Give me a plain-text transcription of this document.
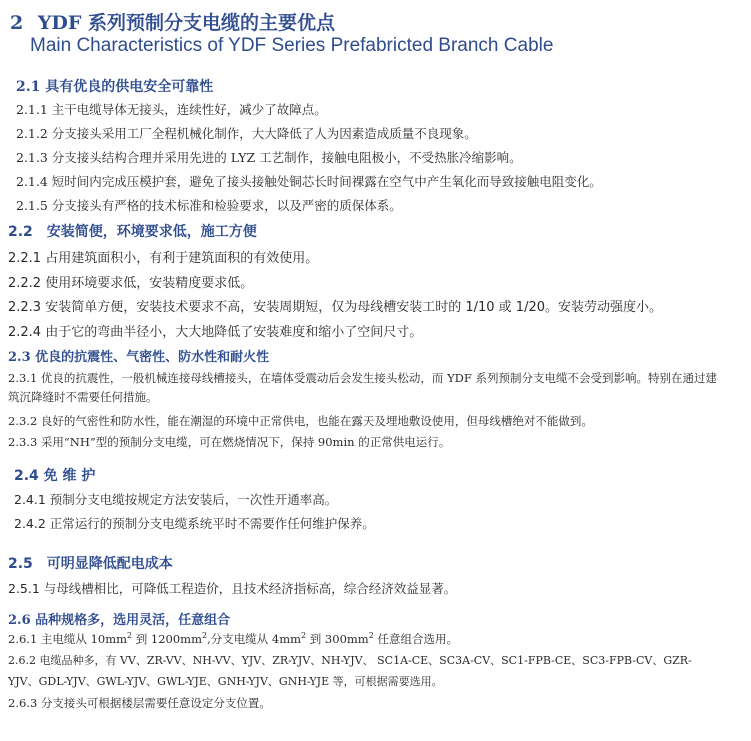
2 YDF 系列预制分支电缆的主要优点
Main Characteristics of YDF Series Prefabricted Branch Cable
2.1 具有优良的供电安全可靠性
2.1.1 主干电缆导体无接头，连续性好，减少了故障点。
2.1.2 分支接头采用工厂全程机械化制作，大大降低了人为因素造成质量不良现象。
2.1.3 分支接头结构合理并采用先进的 LYZ 工艺制作，接触电阻极小，不受热胀冷缩影响。
2.1.4 短时间内完成压模护套，避免了接头接触处铜芯长时间裸露在空气中产生氧化而导致接触电阻变化。
2.1.5 分支接头有严格的技术标准和检验要求，以及严密的质保体系。
2.2　安装简便，环境要求低，施工方便
2.2.1 占用建筑面积小，有利于建筑面积的有效使用。
2.2.2 使用环境要求低，安装精度要求低。
2.2.3 安装简单方便，安装技术要求不高，安装周期短，仅为母线槽安装工时的 1/10 或 1/20。安装劳动强度小。
2.2.4 由于它的弯曲半径小，大大地降低了安装难度和缩小了空间尺寸。
2.3 优良的抗震性、气密性、防水性和耐火性
2.3.1 优良的抗震性，一般机械连接母线槽接头，在墙体受震动后会发生接头松动，而 YDF 系列预制分支电缆不会受到影响。特别在通过建
筑沉降缝时不需要任何措施。
2.3.2 良好的气密性和防水性，能在潮湿的环境中正常供电，也能在露天及埋地敷设使用，但母线槽绝对不能做到。
2.3.3 采用“NH”型的预制分支电缆，可在燃烧情况下，保持 90min 的正常供电运行。
2.4 免 维 护
2.4.1 预制分支电缆按规定方法安装后，一次性开通率高。
2.4.2 正常运行的预制分支电缆系统平时不需要作任何维护保养。
2.5　可明显降低配电成本
2.5.1 与母线槽相比，可降低工程造价，且技术经济指标高，综合经济效益显著。
2.6 品种规格多，选用灵活，任意组合
2.6.1 主电缆从 $10mm^2$ 到 $1200mm^2$,分支电缆从 $4mm^2$ 到 $300mm^2$ 任意组合选用。
2.6.2 电缆品种多，有 VV、ZR-VV、NH-VV、YJV、ZR-YJV、NH-YJV、 SC1A-CE、SC3A-CV、SC1-FPB-CE、SC3-FPB-CV、GZR-
YJV、GDL-YJV、GWL-YJV、GWL-YJE、GNH-YJV、GNH-YJE 等，可根据需要选用。
2.6.3 分支接头可根据楼层需要任意设定分支位置。
